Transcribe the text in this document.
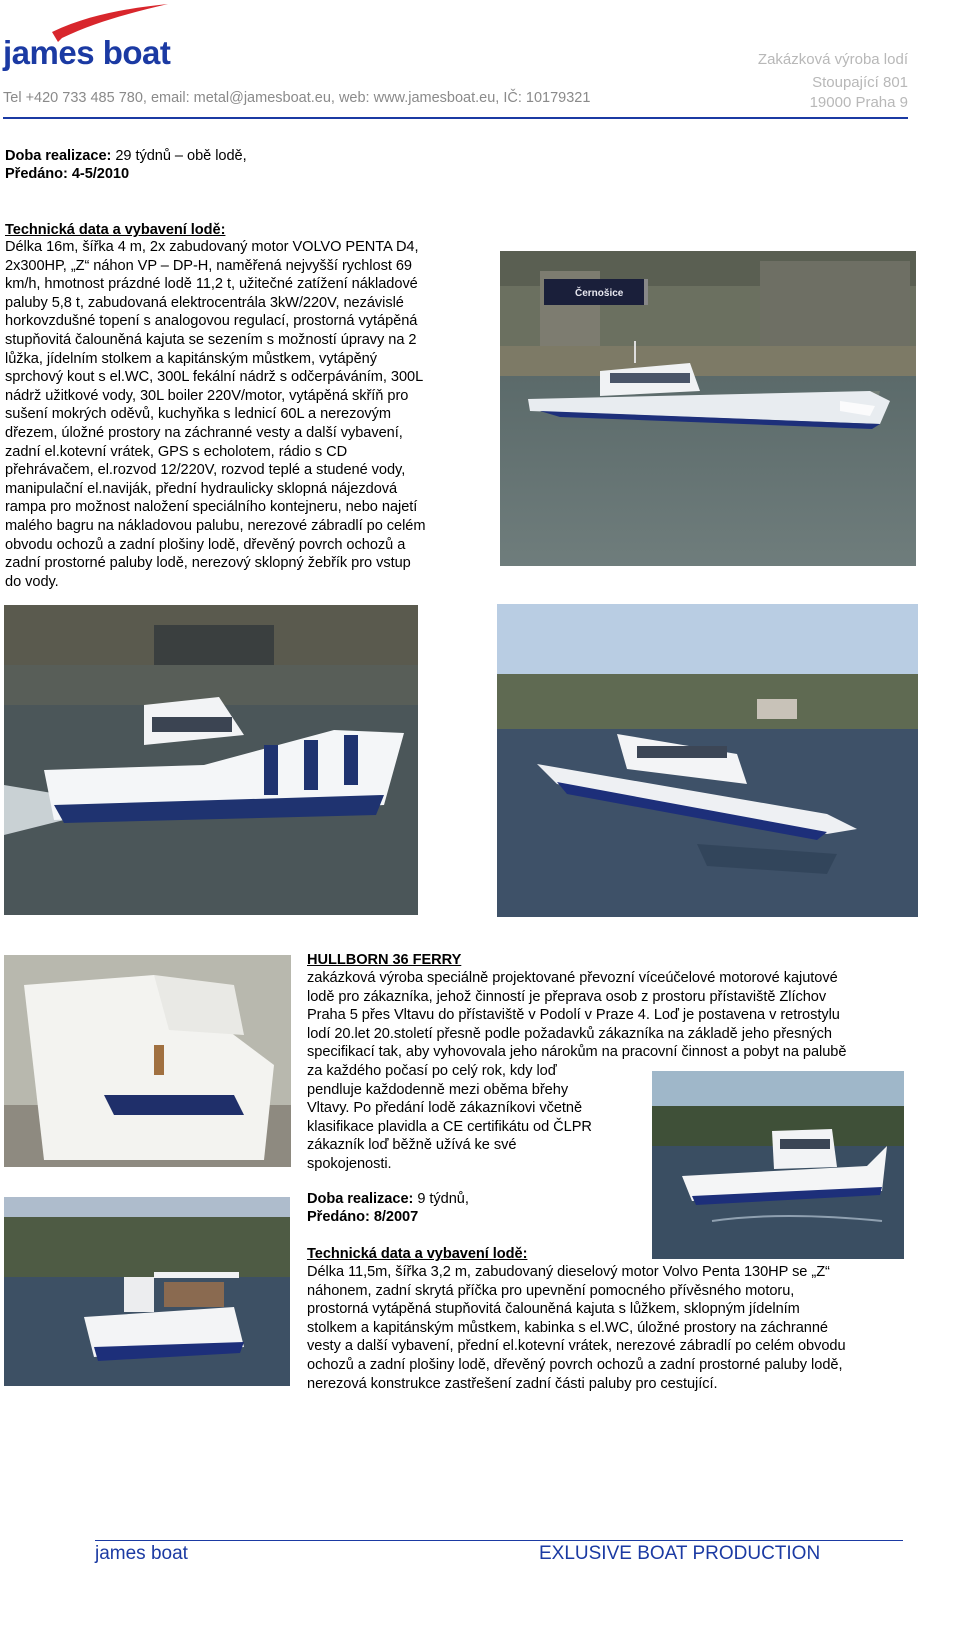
james boat
Tel +420 733 485 780, email: metal@jamesboat.eu, web: www.jamesboat.eu, IČ: 10179321
Zakázková výroba lodí
Stoupající 801
19000 Praha 9
Doba realizace: 29 týdnů – obě lodě,
Předáno: 4-5/2010
Technická data a vybavení lodě:
Délka 16m, šířka 4 m, 2x zabudovaný motor VOLVO PENTA D4,
2x300HP, „Z“ náhon VP – DP-H, naměřená nejvyšší rychlost 69
km/h, hmotnost prázdné lodě 11,2 t, užitečné zatížení nákladové
paluby 5,8 t, zabudovaná elektrocentrála 3kW/220V, nezávislé
horkovzdušné topení s analogovou regulací, prostorná vytápěná
stupňovitá čalouněná kajuta se sezením s možností úpravy na 2
lůžka, jídelním stolkem a kapitánským můstkem, vytápěný
sprchový kout s el.WC, 300L fekální nádrž s odčerpáváním, 300L
nádrž užitkové vody, 30L boiler 220V/motor, vytápěná skříň pro
sušení mokrých oděvů, kuchyňka s lednicí 60L a nerezovým
dřezem, úložné prostory na záchranné vesty a další vybavení,
zadní el.kotevní vrátek, GPS s echolotem, rádio s CD
přehrávačem, el.rozvod 12/220V, rozvod teplé a studené vody,
manipulační el.naviják, přední hydraulicky sklopná nájezdová
rampa pro možnost naložení speciálního kontejneru, nebo najetí
malého bagru na nákladovou palubu, nerezové zábradlí po celém
obvodu ochozů a zadní plošiny lodě, dřevěný povrch ochozů a
zadní prostorné paluby lodě, nerezový sklopný žebřík pro vstup
do vody.
Černošice
HULLBORN 36 FERRY
zakázková výroba speciálně projektované převozní víceúčelové motorové kajutové
lodě pro zákazníka, jehož činností je přeprava osob z prostoru přístaviště Zlíchov
Praha 5 přes Vltavu do přístaviště v Podolí v Praze 4. Loď je postavena v retrostylu
lodí 20.let 20.století přesně podle požadavků zákazníka na základě jeho přesných
specifikací tak, aby vyhovovala jeho nárokům na pracovní činnost a pobyt na palubě
za každého počasí po celý rok, kdy loď
pendluje každodenně mezi oběma břehy
Vltavy. Po předání lodě zákazníkovi včetně
klasifikace plavidla a CE certifikátu od ČLPR
zákazník loď běžně užívá ke své
spokojenosti.
Doba realizace: 9 týdnů,
Předáno: 8/2007
Technická data a vybavení lodě:
Délka 11,5m, šířka 3,2 m, zabudovaný dieselový motor Volvo Penta 130HP se „Z“
náhonem, zadní skrytá příčka pro upevnění pomocného přívěsného motoru,
prostorná vytápěná stupňovitá čalouněná kajuta s lůžkem, sklopným jídelním
stolkem a kapitánským můstkem, kabinka s el.WC, úložné prostory na záchranné
vesty a další vybavení, přední el.kotevní vrátek, nerezové zábradlí po celém obvodu
ochozů a zadní plošiny lodě, dřevěný povrch ochozů a zadní prostorné paluby lodě,
nerezová konstrukce zastřešení zadní části paluby pro cestující.
james boat	EXLUSIVE BOAT PRODUCTION
